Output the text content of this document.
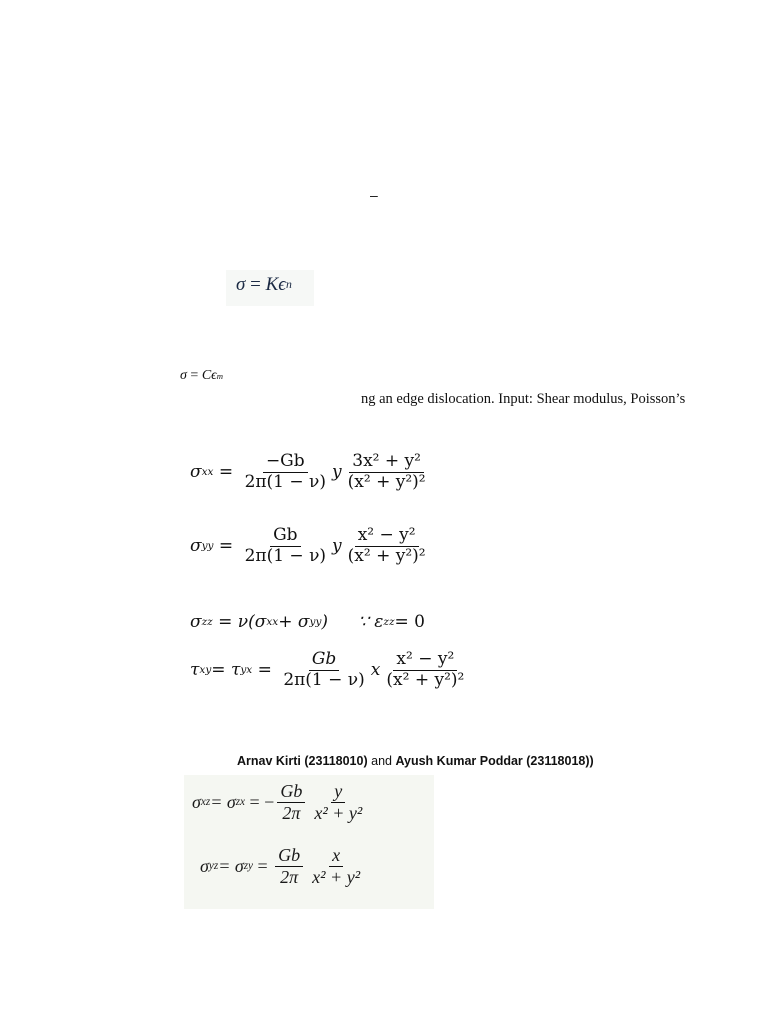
–
σ
=
K ϵ n
σ
=
C ϵ m
ng an edge dislocation. Input: Shear modulus, Poisson’s
σ xx = $\frac{-Gb}{2\pi(1 - \nu)}$ y $\frac{\text{3x² + y²}}{\text{(x² + y²)²}}$
σ yy = $\frac{Gb}{2\pi(1 - \nu)}$ y $\frac{\text{x² − y²}}{\text{(x² + y²)²}}$
σ zz
= ν(σ xx + σ yy ) ∵ ε zz = 0
τ xy = τ yx = $\frac{Gb}{2\pi(1 - \nu)}$ x $\frac{\text{x² − y²}}{\text{(x² + y²)²}}$
Arnav Kirti (23118010) and Ayush Kumar Poddar (23118018))
σ xz = σ zx = − $\frac{Gb}{2\pi} \frac{y}{\text{x² + y²}}$
σ yz = σ zy = $\frac{Gb}{2\pi} \frac{x}{\text{x² + y²}}$
